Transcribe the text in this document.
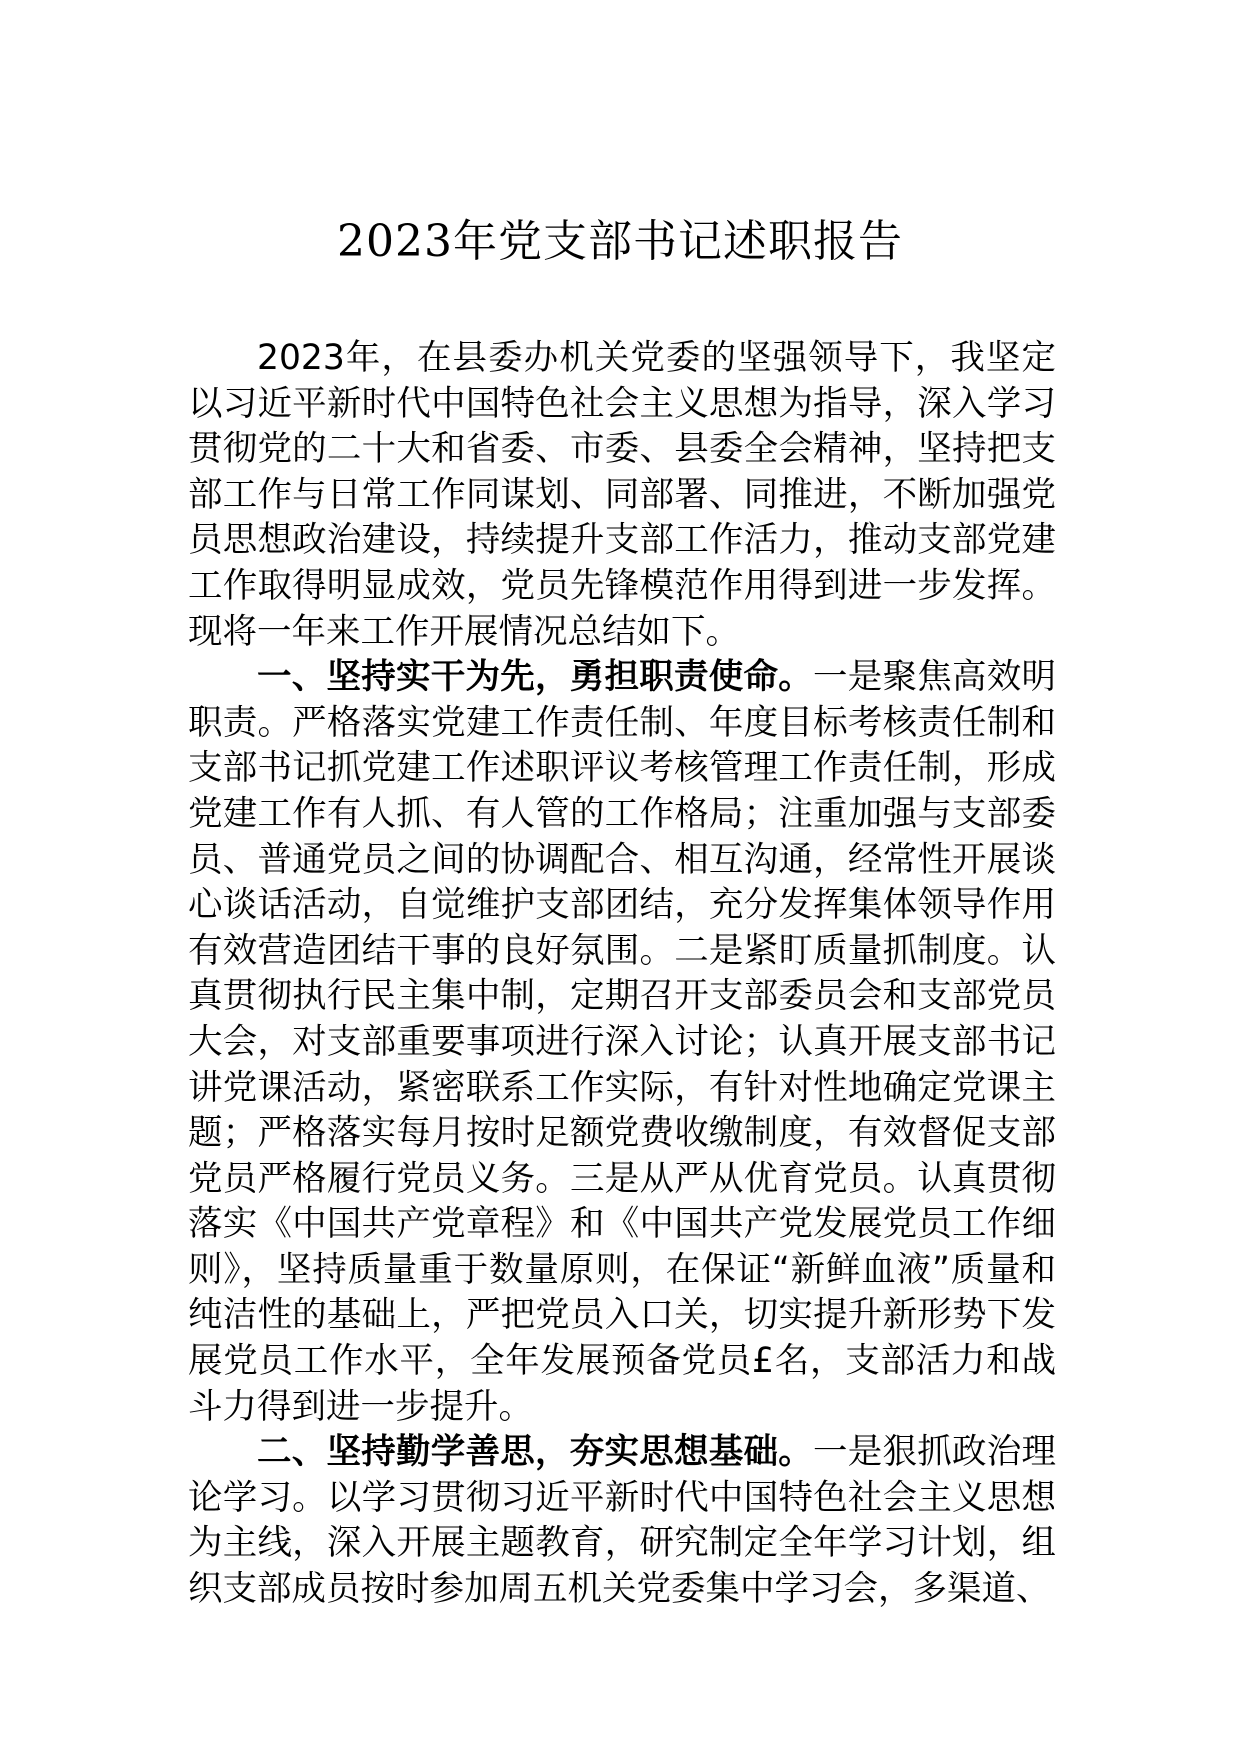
2023年党支部书记述职报告

2023年，在县委办机关党委的坚强领导下，我坚定以习近平新时代中国特色社会主义思想为指导，深入学习贯彻党的二十大和省委、市委、县委全会精神，坚持把支部工作与日常工作同谋划、同部署、同推进，不断加强党员思想政治建设，持续提升支部工作活力，推动支部党建工作取得明显成效，党员先锋模范作用得到进一步发挥。现将一年来工作开展情况总结如下。

一、坚持实干为先，勇担职责使命。一是聚焦高效明职责。严格落实党建工作责任制、年度目标考核责任制和支部书记抓党建工作述职评议考核管理工作责任制，形成党建工作有人抓、有人管的工作格局；注重加强与支部委员、普通党员之间的协调配合、相互沟通，经常性开展谈心谈话活动，自觉维护支部团结，充分发挥集体领导作用有效营造团结干事的良好氛围。二是紧盯质量抓制度。认真贯彻执行民主集中制，定期召开支部委员会和支部党员大会，对支部重要事项进行深入讨论；认真开展支部书记讲党课活动，紧密联系工作实际，有针对性地确定党课主题；严格落实每月按时足额党费收缴制度，有效督促支部党员严格履行党员义务。三是从严从优育党员。认真贯彻落实《中国共产党章程》和《中国共产党发展党员工作细则》，坚持质量重于数量原则，在保证“新鲜血液”质量和纯洁性的基础上，严把党员入口关，切实提升新形势下发展党员工作水平，全年发展预备党员£名，支部活力和战斗力得到进一步提升。

二、坚持勤学善思，夯实思想基础。一是狠抓政治理论学习。以学习贯彻习近平新时代中国特色社会主义思想为主线，深入开展主题教育，研究制定全年学习计划，组织支部成员按时参加周五机关党委集中学习会，多渠道、
